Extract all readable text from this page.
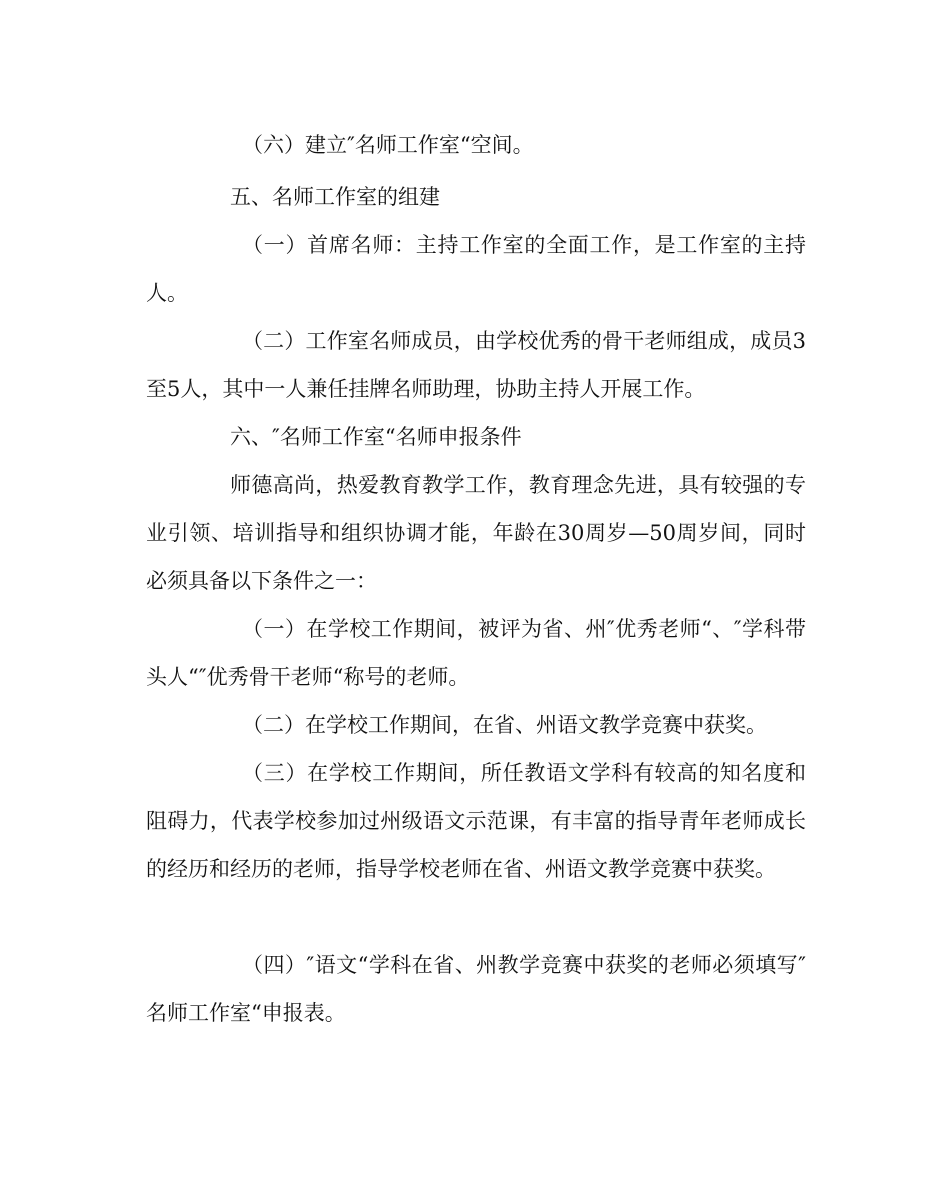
（六）建立″名师工作室“空间。

五、名师工作室的组建

（一）首席名师：主持工作室的全面工作，是工作室的主持人。

（二）工作室名师成员，由学校优秀的骨干老师组成，成员3至5人，其中一人兼任挂牌名师助理，协助主持人开展工作。

六、″名师工作室“名师申报条件

师德高尚，热爱教育教学工作，教育理念先进，具有较强的专业引领、培训指导和组织协调才能，年龄在30周岁—50周岁间，同时必须具备以下条件之一：

（一）在学校工作期间，被评为省、州″优秀老师“、″学科带头人“″优秀骨干老师“称号的老师。

（二）在学校工作期间，在省、州语文教学竞赛中获奖。

（三）在学校工作期间，所任教语文学科有较高的知名度和阻碍力，代表学校参加过州级语文示范课，有丰富的指导青年老师成长的经历和经历的老师，指导学校老师在省、州语文教学竞赛中获奖。

（四）″语文“学科在省、州教学竞赛中获奖的老师必须填写″名师工作室“申报表。
